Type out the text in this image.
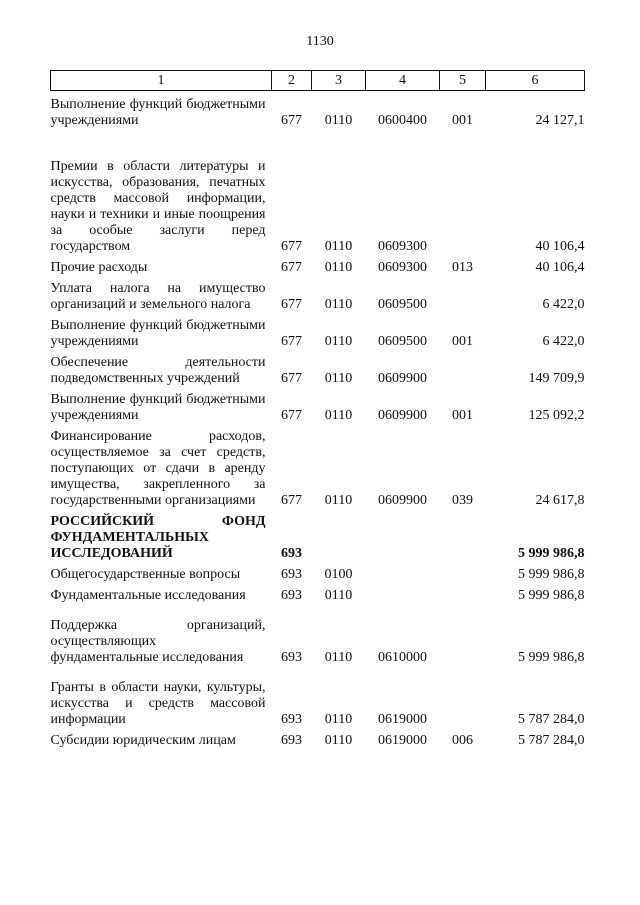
1130
1	2	3	4	5	6
Выполнение функций бюджетными учреждениями	677	0110	0600400	001	24 127,1
Премии в области литературы и искусства, образования, печатных средств массовой информации, науки и техники и иные поощрения за особые заслуги перед государством	677	0110	0609300		40 106,4
Прочие расходы	677	0110	0609300	013	40 106,4
Уплата налога на имущество организаций и земельного налога	677	0110	0609500		6 422,0
Выполнение функций бюджетными учреждениями	677	0110	0609500	001	6 422,0
Обеспечение деятельности подведомственных учреждений	677	0110	0609900		149 709,9
Выполнение функций бюджетными учреждениями	677	0110	0609900	001	125 092,2
Финансирование расходов, осуществляемое за счет средств, поступающих от сдачи в аренду имущества, закрепленного за государственными организациями	677	0110	0609900	039	24 617,8
РОССИЙСКИЙ ФОНД ФУНДАМЕНТАЛЬНЫХ ИССЛЕДОВАНИЙ	693				5 999 986,8
Общегосударственные вопросы	693	0100			5 999 986,8
Фундаментальные исследования	693	0110			5 999 986,8
Поддержка организаций, осуществляющих фундаментальные исследования	693	0110	0610000		5 999 986,8
Гранты в области науки, культуры, искусства и средств массовой информации	693	0110	0619000		5 787 284,0
Субсидии юридическим лицам	693	0110	0619000	006	5 787 284,0
